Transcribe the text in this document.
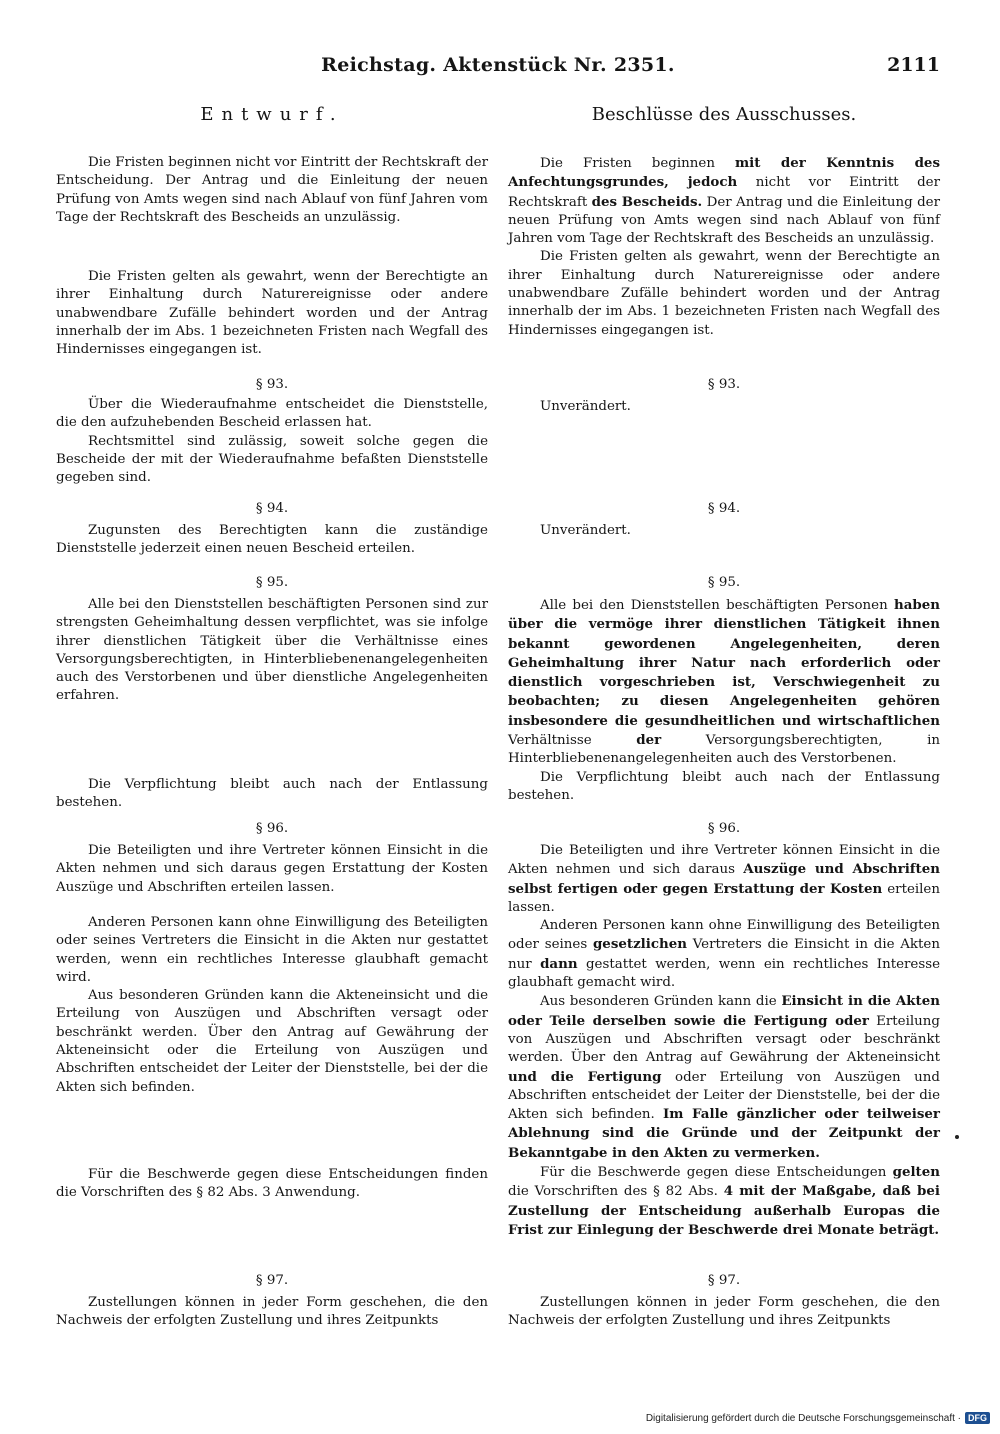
Reichstag. Aktenstück Nr. 2351.	2111
Entwurf.

Die Fristen beginnen nicht vor Eintritt der Rechtskraft der Entscheidung. Der Antrag und die Einleitung der neuen Prüfung von Amts wegen sind nach Ablauf von fünf Jahren vom Tage der Rechtskraft des Bescheids an unzulässig.

Die Fristen gelten als gewahrt, wenn der Berechtigte an ihrer Einhaltung durch Naturereignisse oder andere unabwendbare Zufälle behindert worden und der Antrag innerhalb der im Abs. 1 bezeichneten Fristen nach Wegfall des Hindernisses eingegangen ist.

§ 93.

Über die Wiederaufnahme entscheidet die Dienststelle, die den aufzuhebenden Bescheid erlassen hat.

Rechtsmittel sind zulässig, soweit solche gegen die Bescheide der mit der Wiederaufnahme befaßten Dienststelle gegeben sind.

§ 94.

Zugunsten des Berechtigten kann die zuständige Dienststelle jederzeit einen neuen Bescheid erteilen.

§ 95.

Alle bei den Dienststellen beschäftigten Personen sind zur strengsten Geheimhaltung dessen verpflichtet, was sie infolge ihrer dienstlichen Tätigkeit über die Verhältnisse eines Versorgungsberechtigten, in Hinterbliebenenangelegenheiten auch des Verstorbenen und über dienstliche Angelegenheiten erfahren.

Die Verpflichtung bleibt auch nach der Entlassung bestehen.

§ 96.

Die Beteiligten und ihre Vertreter können Einsicht in die Akten nehmen und sich daraus gegen Erstattung der Kosten Auszüge und Abschriften erteilen lassen.

Anderen Personen kann ohne Einwilligung des Beteiligten oder seines Vertreters die Einsicht in die Akten nur gestattet werden, wenn ein rechtliches Interesse glaubhaft gemacht wird.

Aus besonderen Gründen kann die Akteneinsicht und die Erteilung von Auszügen und Abschriften versagt oder beschränkt werden. Über den Antrag auf Gewährung der Akteneinsicht oder die Erteilung von Auszügen und Abschriften entscheidet der Leiter der Dienststelle, bei der die Akten sich befinden.

Für die Beschwerde gegen diese Entscheidungen finden die Vorschriften des § 82 Abs. 3 Anwendung.

§ 97.

Zustellungen können in jeder Form geschehen, die den Nachweis der erfolgten Zustellung und ihres Zeitpunkts

Beschlüsse des Ausschusses.

Die Fristen beginnen mit der Kenntnis des Anfechtungsgrundes, jedoch nicht vor Eintritt der Rechtskraft des Bescheids. Der Antrag und die Einleitung der neuen Prüfung von Amts wegen sind nach Ablauf von fünf Jahren vom Tage der Rechtskraft des Bescheids an unzulässig.

Die Fristen gelten als gewahrt, wenn der Berechtigte an ihrer Einhaltung durch Naturereignisse oder andere unabwendbare Zufälle behindert worden und der Antrag innerhalb der im Abs. 1 bezeichneten Fristen nach Wegfall des Hindernisses eingegangen ist.

§ 93.
Unverändert.
§ 94.
Unverändert.
§ 95.

Alle bei den Dienststellen beschäftigten Personen haben über die vermöge ihrer dienstlichen Tätigkeit ihnen bekannt gewordenen Angelegenheiten, deren Geheimhaltung ihrer Natur nach erforderlich oder dienstlich vorgeschrieben ist, Verschwiegenheit zu beobachten; zu diesen Angelegenheiten gehören insbesondere die gesundheitlichen und wirtschaftlichen Verhältnisse der Versorgungsberechtigten, in Hinterbliebenenangelegenheiten auch des Verstorbenen.

Die Verpflichtung bleibt auch nach der Entlassung bestehen.

§ 96.

Die Beteiligten und ihre Vertreter können Einsicht in die Akten nehmen und sich daraus Auszüge und Abschriften selbst fertigen oder gegen Erstattung der Kosten erteilen lassen.

Anderen Personen kann ohne Einwilligung des Beteiligten oder seines gesetzlichen Vertreters die Einsicht in die Akten nur dann gestattet werden, wenn ein rechtliches Interesse glaubhaft gemacht wird.

Aus besonderen Gründen kann die Einsicht in die Akten oder Teile derselben sowie die Fertigung oder Erteilung von Auszügen und Abschriften versagt oder beschränkt werden. Über den Antrag auf Gewährung der Akteneinsicht und die Fertigung oder Erteilung von Auszügen und Abschriften entscheidet der Leiter der Dienststelle, bei der die Akten sich befinden. Im Falle gänzlicher oder teilweiser Ablehnung sind die Gründe und der Zeitpunkt der Bekanntgabe in den Akten zu vermerken.

Für die Beschwerde gegen diese Entscheidungen gelten die Vorschriften des § 82 Abs. 4 mit der Maßgabe, daß bei Zustellung der Entscheidung außerhalb Europas die Frist zur Einlegung der Beschwerde drei Monate beträgt.

§ 97.

Zustellungen können in jeder Form geschehen, die den Nachweis der erfolgten Zustellung und ihres Zeitpunkts

Digitalisierung gefördert durch die Deutsche Forschungsgemeinschaft · DFG
